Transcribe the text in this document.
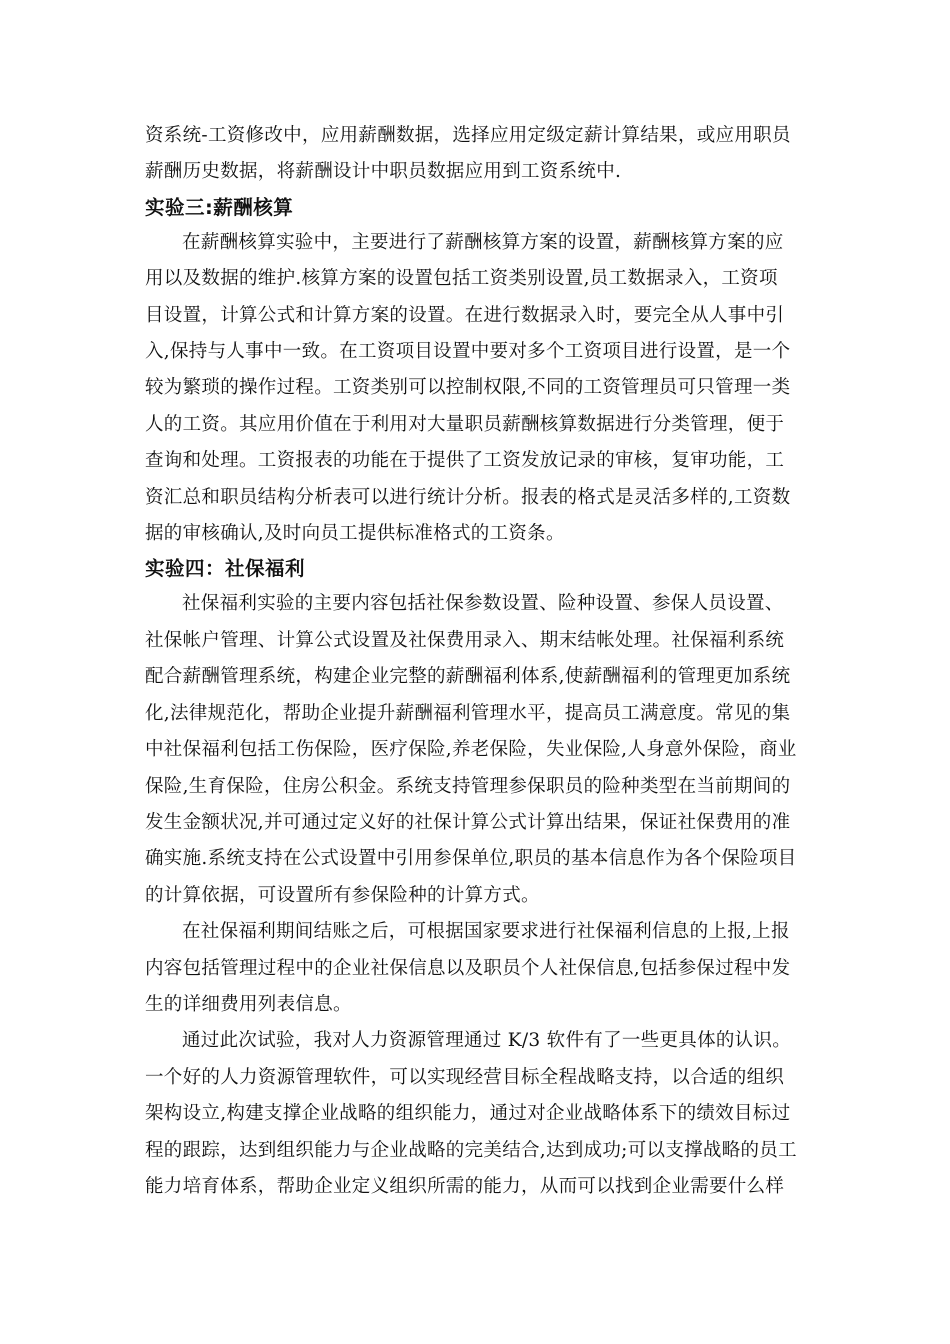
资系统-工资修改中，应用薪酬数据，选择应用定级定薪计算结果，或应用职员
薪酬历史数据，将薪酬设计中职员数据应用到工资系统中.

实验三:薪酬核算

在薪酬核算实验中，主要进行了薪酬核算方案的设置，薪酬核算方案的应
用以及数据的维护.核算方案的设置包括工资类别设置,员工数据录入，工资项
目设置，计算公式和计算方案的设置。在进行数据录入时，要完全从人事中引
入,保持与人事中一致。在工资项目设置中要对多个工资项目进行设置，是一个
较为繁琐的操作过程。工资类别可以控制权限,不同的工资管理员可只管理一类
人的工资。其应用价值在于利用对大量职员薪酬核算数据进行分类管理，便于
查询和处理。工资报表的功能在于提供了工资发放记录的审核，复审功能，工
资汇总和职员结构分析表可以进行统计分析。报表的格式是灵活多样的,工资数
据的审核确认,及时向员工提供标准格式的工资条。

实验四：社保福利

社保福利实验的主要内容包括社保参数设置、险种设置、参保人员设置、
社保帐户管理、计算公式设置及社保费用录入、期末结帐处理。社保福利系统
配合薪酬管理系统，构建企业完整的薪酬福利体系,使薪酬福利的管理更加系统
化,法律规范化，帮助企业提升薪酬福利管理水平，提高员工满意度。常见的集
中社保福利包括工伤保险，医疗保险,养老保险，失业保险,人身意外保险，商业
保险,生育保险，住房公积金。系统支持管理参保职员的险种类型在当前期间的
发生金额状况,并可通过定义好的社保计算公式计算出结果，保证社保费用的准
确实施.系统支持在公式设置中引用参保单位,职员的基本信息作为各个保险项目
的计算依据，可设置所有参保险种的计算方式。

在社保福利期间结账之后，可根据国家要求进行社保福利信息的上报,上报
内容包括管理过程中的企业社保信息以及职员个人社保信息,包括参保过程中发
生的详细费用列表信息。

通过此次试验，我对人力资源管理通过 K/3 软件有了一些更具体的认识。
一个好的人力资源管理软件，可以实现经营目标全程战略支持，以合适的组织
架构设立,构建支撑企业战略的组织能力，通过对企业战略体系下的绩效目标过
程的跟踪，达到组织能力与企业战略的完美结合,达到成功;可以支撑战略的员工
能力培育体系，帮助企业定义组织所需的能力，从而可以找到企业需要什么样
